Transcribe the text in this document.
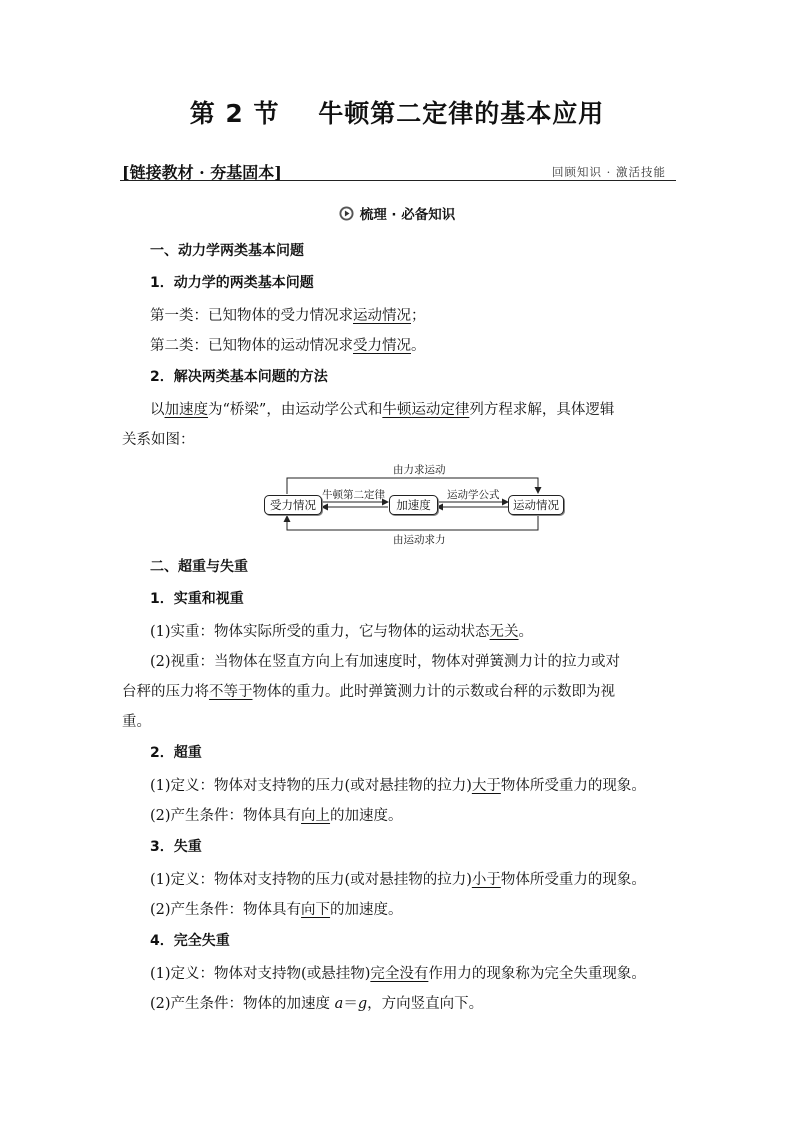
第 2 节    牛顿第二定律的基本应用
[链接教材 · 夯基固本]	回顾知识 · 激活技能
梳理 · 必备知识
一、动力学两类基本问题
1．动力学的两类基本问题
第一类：已知物体的受力情况求运动情况；
第二类：已知物体的运动情况求受力情况。
2．解决两类基本问题的方法
以加速度为“桥梁”，由运动学公式和牛顿运动定律列方程求解，具体逻辑
关系如图：
由力求运动
由运动求力
牛顿第二定律	运动学公式
受力情况	加速度	运动情况
二、超重与失重
1．实重和视重
(1)实重：物体实际所受的重力，它与物体的运动状态无关。
(2)视重：当物体在竖直方向上有加速度时，物体对弹簧测力计的拉力或对
台秤的压力将不等于物体的重力。此时弹簧测力计的示数或台秤的示数即为视
重。
2．超重
(1)定义：物体对支持物的压力(或对悬挂物的拉力)大于物体所受重力的现象。
(2)产生条件：物体具有向上的加速度。
3．失重
(1)定义：物体对支持物的压力(或对悬挂物的拉力)小于物体所受重力的现象。
(2)产生条件：物体具有向下的加速度。
4．完全失重
(1)定义：物体对支持物(或悬挂物)完全没有作用力的现象称为完全失重现象。
(2)产生条件：物体的加速度 a＝g，方向竖直向下。
